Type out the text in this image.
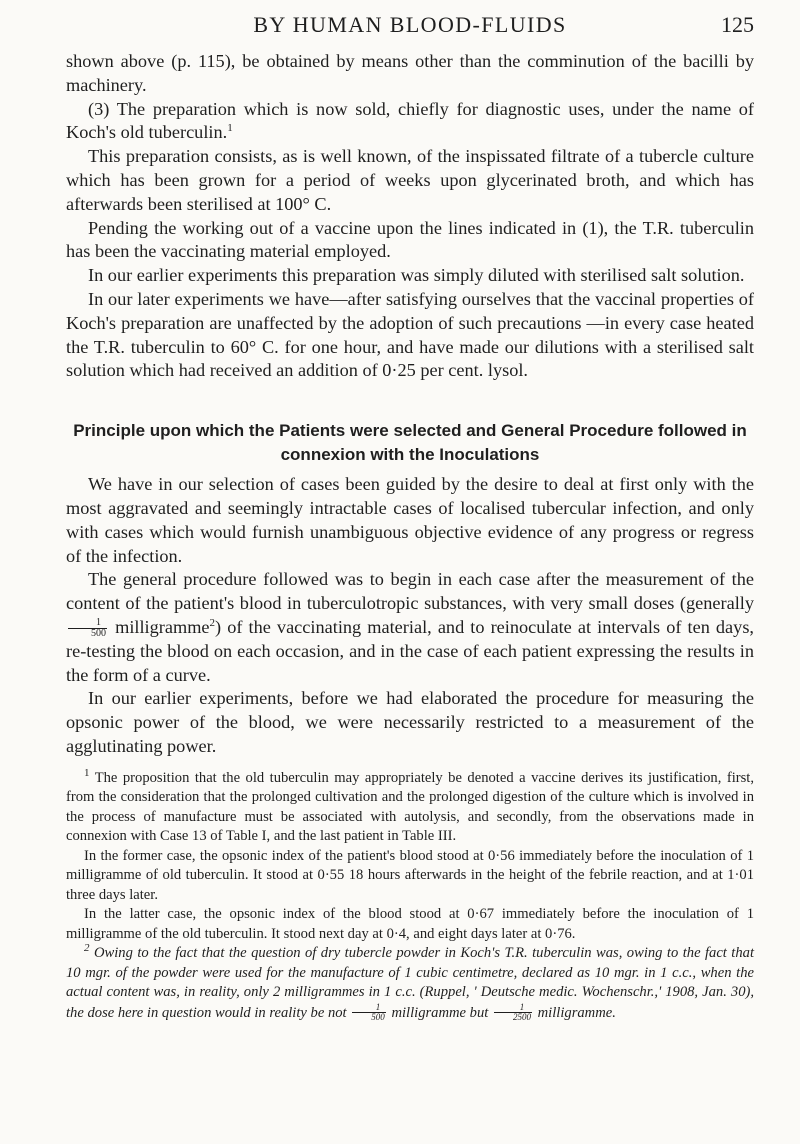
BY HUMAN BLOOD-FLUIDS	125

shown above (p. 115), be obtained by means other than the comminution of the bacilli by machinery.

(3) The preparation which is now sold, chiefly for diagnostic uses, under the name of Koch's old tuberculin.$^1$

This preparation consists, as is well known, of the inspissated filtrate of a tubercle culture which has been grown for a period of weeks upon glycerinated broth, and which has afterwards been sterilised at 100° C.

Pending the working out of a vaccine upon the lines indicated in (1), the T.R. tuberculin has been the vaccinating material employed.

In our earlier experiments this preparation was simply diluted with sterilised salt solution.

In our later experiments we have—after satisfying ourselves that the vaccinal properties of Koch's preparation are unaffected by the adoption of such precautions —in every case heated the T.R. tuberculin to 60° C. for one hour, and have made our dilutions with a sterilised salt solution which had received an addition of 0·25 per cent. lysol.

Principle upon which the Patients were selected and General Procedure followed in
connexion with the Inoculations

We have in our selection of cases been guided by the desire to deal at first only with the most aggravated and seemingly intractable cases of localised tubercular infection, and only with cases which would furnish unambiguous objective evidence of any progress or regress of the infection.

The general procedure followed was to begin in each case after the measurement of the content of the patient's blood in tuberculotropic substances, with very small doses (generally
$\frac{1}{500}$ milligramme$^2$) of the vaccinating material, and to reinoculate at intervals of ten days, re-testing the blood on each occasion, and in the case of each patient expressing the results in the form of a curve.

In our earlier experiments, before we had elaborated the procedure for measuring the opsonic power of the blood, we were necessarily restricted to a measurement of the agglutinating power.

$^1$ The proposition that the old tuberculin may appropriately be denoted a vaccine derives its justification, first, from the consideration that the prolonged cultivation and the prolonged digestion of the culture which is involved in the process of manufacture must be associated with autolysis, and secondly, from the observations made in connexion with Case 13 of Table I, and the last patient in Table III.

In the former case, the opsonic index of the patient's blood stood at 0·56 immediately before the inoculation of 1 milligramme of old tuberculin. It stood at 0·55 18 hours afterwards in the height of the febrile reaction, and at 1·01 three days later.

In the latter case, the opsonic index of the blood stood at 0·67 immediately before the inoculation of 1 milligramme of the old tuberculin. It stood next day at 0·4, and eight days later at 0·76.

$^2$ Owing to the fact that the question of dry tubercle powder in Koch's T.R. tuberculin was, owing to the fact that 10 mgr. of the powder were used for the manufacture of 1 cubic centimetre, declared as 10 mgr. in 1 c.c., when the actual content was, in reality, only 2 milligrammes in 1 c.c. (Ruppel, ' Deutsche medic. Wochenschr.,' 1908, Jan. 30), the dose here in question would in reality be not $\frac{1}{500}$ milligramme but $\frac{1}{2500}$ milligramme.
